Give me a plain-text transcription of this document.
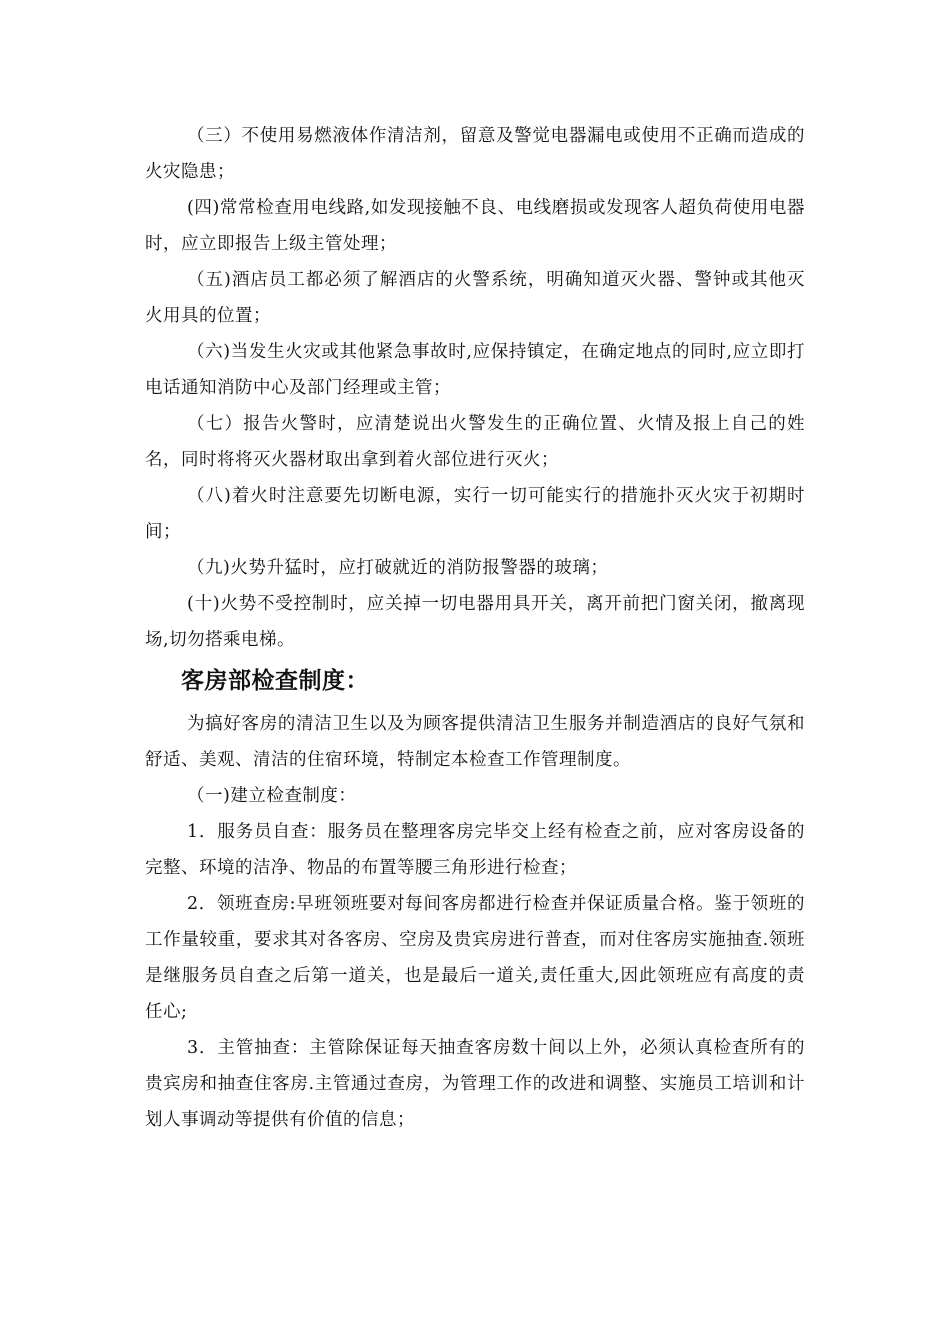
（三）不使用易燃液体作清洁剂，留意及警觉电器漏电或使用不正确而造成的火灾隐患；

(四)常常检查用电线路,如发现接触不良、电线磨损或发现客人超负荷使用电器时，应立即报告上级主管处理；

（五)酒店员工都必须了解酒店的火警系统，明确知道灭火器、警钟或其他灭火用具的位置；

（六)当发生火灾或其他紧急事故时,应保持镇定，在确定地点的同时,应立即打电话通知消防中心及部门经理或主管；

（七）报告火警时，应清楚说出火警发生的正确位置、火情及报上自己的姓名，同时将将灭火器材取出拿到着火部位进行灭火；

（八)着火时注意要先切断电源，实行一切可能实行的措施扑灭火灾于初期时间；

（九)火势升猛时，应打破就近的消防报警器的玻璃；

(十)火势不受控制时，应关掉一切电器用具开关，离开前把门窗关闭，撤离现场,切勿搭乘电梯。

客房部检查制度：

为搞好客房的清洁卫生以及为顾客提供清洁卫生服务并制造酒店的良好气氛和舒适、美观、清洁的住宿环境，特制定本检查工作管理制度。

（一)建立检查制度：

1．服务员自查：服务员在整理客房完毕交上经有检查之前，应对客房设备的完整、环境的洁净、物品的布置等腰三角形进行检查；

2．领班查房:早班领班要对每间客房都进行检查并保证质量合格。鉴于领班的工作量较重，要求其对各客房、空房及贵宾房进行普查，而对住客房实施抽查.领班是继服务员自查之后第一道关，也是最后一道关,责任重大,因此领班应有高度的责任心;

3．主管抽查：主管除保证每天抽查客房数十间以上外，必须认真检查所有的贵宾房和抽查住客房.主管通过查房，为管理工作的改进和调整、实施员工培训和计划人事调动等提供有价值的信息；
